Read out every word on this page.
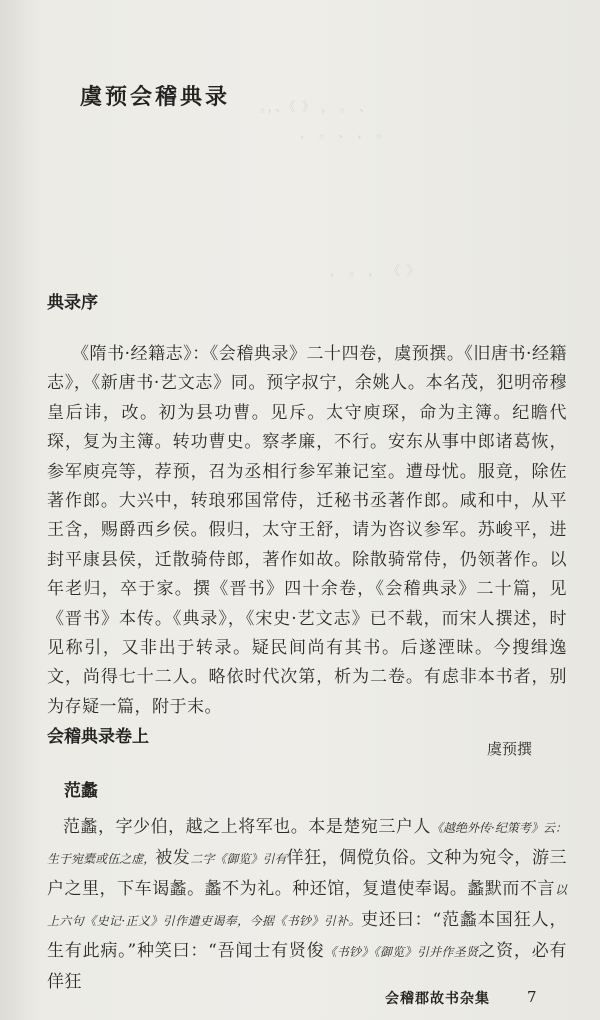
。，、《 》 ， 。 、
， 。 、 ， 。
， 。 ， 《 》
虞预会稽典录
典录序
《隋书·经籍志》：《会稽典录》二十四卷，虞预撰。《旧唐书·经籍志》，《新唐书·艺文志》同。预字叔宁，余姚人。本名茂，犯明帝穆皇后讳，改。初为县功曹。见斥。太守庾琛，命为主簿。纪瞻代琛，复为主簿。转功曹史。察孝廉，不行。安东从事中郎诸葛恢，参军庾亮等，荐预，召为丞相行参军兼记室。遭母忧。服竟，除佐著作郎。大兴中，转琅邪国常侍，迁秘书丞著作郎。咸和中，从平王含，赐爵西乡侯。假归，太守王舒，请为咨议参军。苏峻平，进封平康县侯，迁散骑侍郎，著作如故。除散骑常侍，仍领著作。以年老归，卒于家。撰《晋书》四十余卷，《会稽典录》二十篇，见《晋书》本传。《典录》，《宋史·艺文志》已不载，而宋人撰述，时见称引，又非出于转录。疑民间尚有其书。后遂湮昧。今搜缉逸文，尚得七十二人。略依时代次第，析为二卷。有虑非本书者，别为存疑一篇，附于末。
会稽典录卷上
虞预撰
范蠡
范蠡，字少伯，越之上将军也。本是楚宛三户人《越绝外传·纪策考》云：生于宛橐或伍之虚，被发二字《御览》引有佯狂，倜傥负俗。文种为宛令，游三户之里，下车谒蠡。蠡不为礼。种还馆，复遣使奉谒。蠡默而不言以上六句《史记·正义》引作遣吏谒奉，今据《书钞》引补。吏还曰：“范蠡本国狂人，生有此病。”种笑曰：“吾闻士有贤俊《书钞》《御览》引并作圣贤之资，必有佯狂
会稽郡故书杂集 7
